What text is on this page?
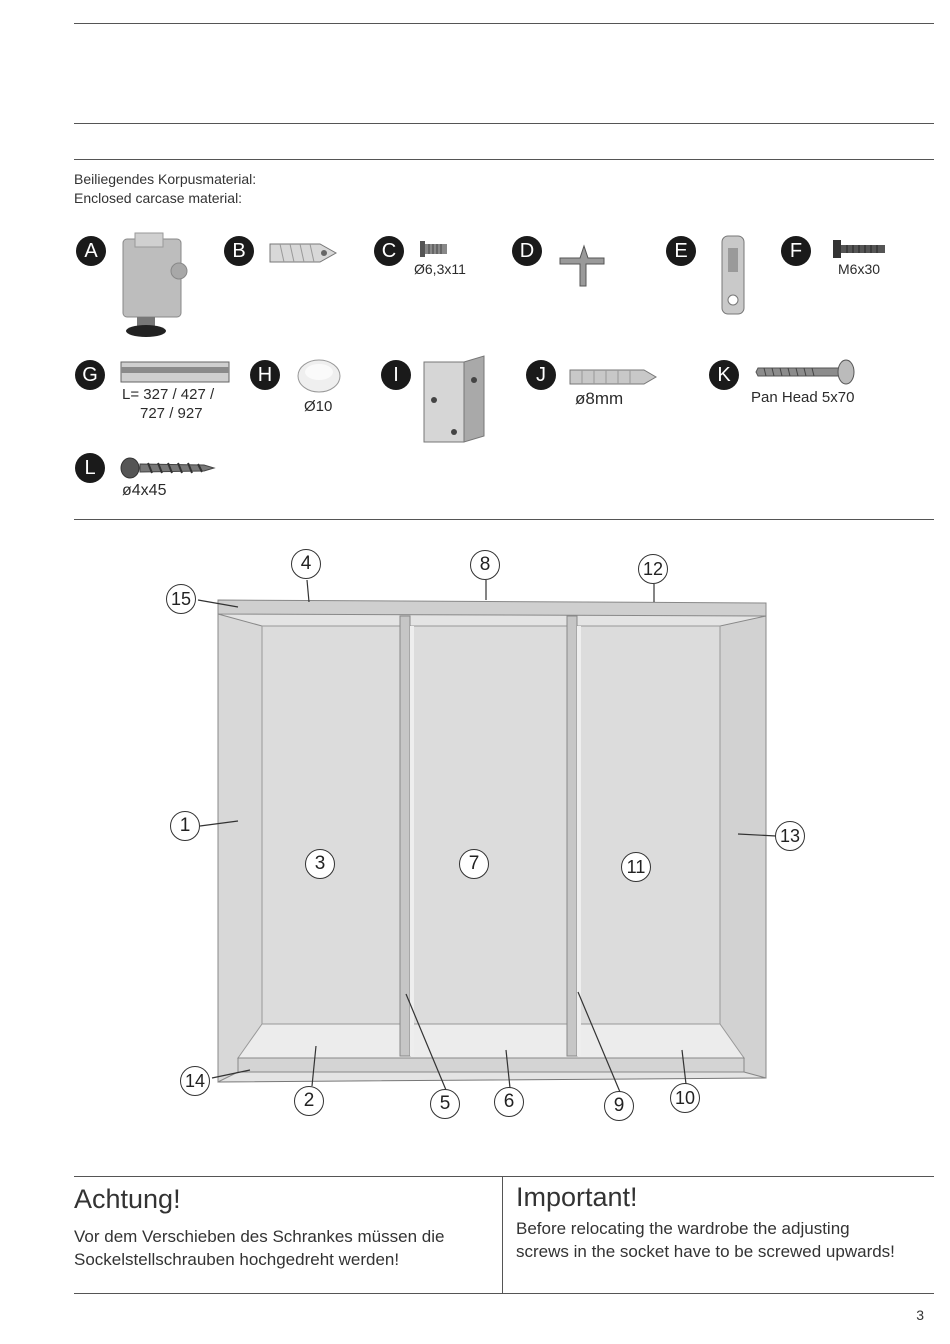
Beiliegendes Korpusmaterial:
Enclosed carcase material:
A	B	C
Ø6,3x11
D	E	F
M6x30
G
L= 327 / 427 /
727 / 927
H
Ø10
I	J
ø8mm
K
Pan Head 5x70
L
ø4x45
4	8	12
15
1	13
3	7	11
14
2	5	6	9	10
Achtung!

Vor dem Verschieben des Schrankes müssen die Sockelstellschrauben hochgedreht werden!

Important!

Before relocating the wardrobe the adjusting screws in the socket have to be screwed upwards!

3
